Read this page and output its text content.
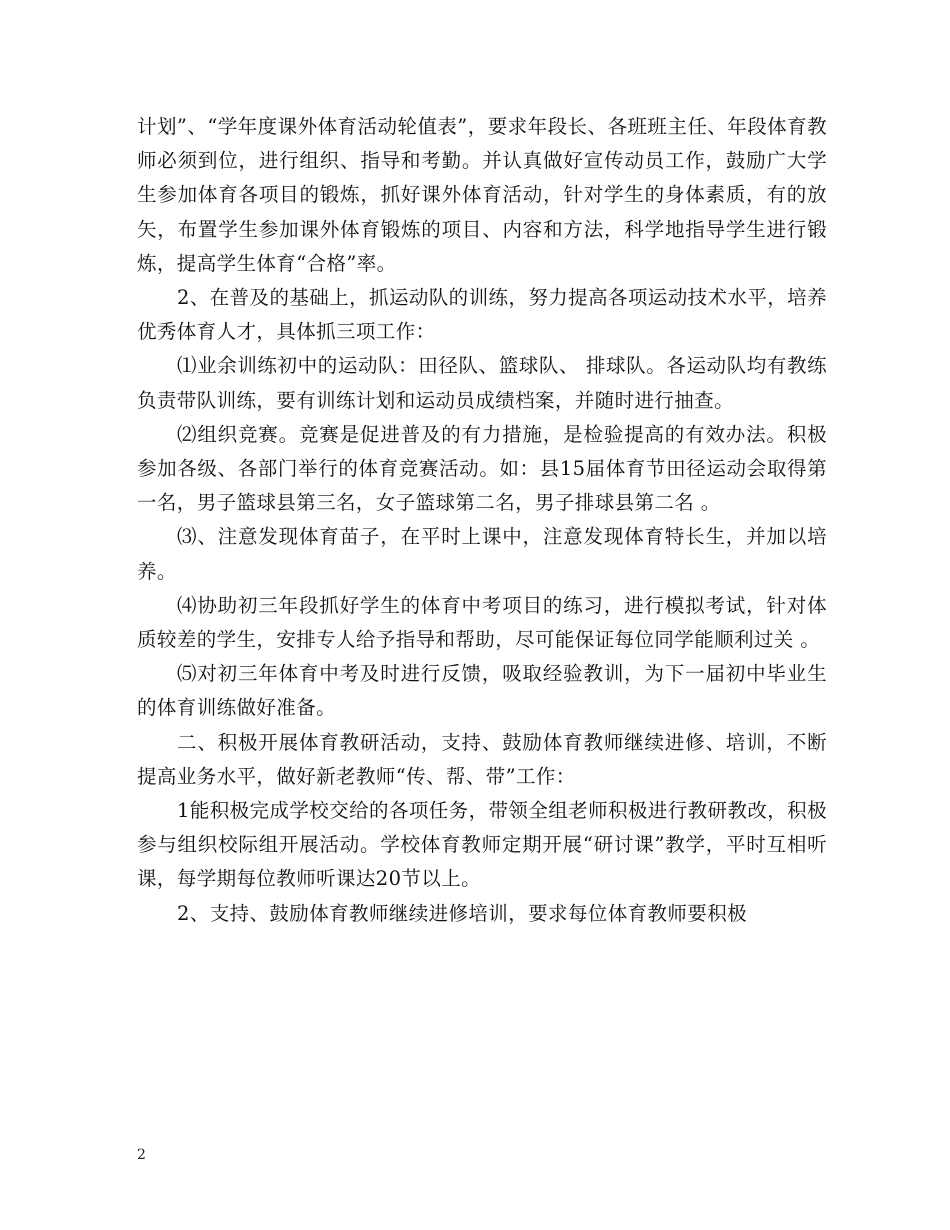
计划”、“学年度课外体育活动轮值表”，要求年段长、各班班主任、年段体育教师必须到位，进行组织、指导和考勤。并认真做好宣传动员工作，鼓励广大学生参加体育各项目的锻炼，抓好课外体育活动，针对学生的身体素质，有的放矢，布置学生参加课外体育锻炼的项目、内容和方法，科学地指导学生进行锻炼，提高学生体育“合格”率。

2、在普及的基础上，抓运动队的训练，努力提高各项运动技术水平，培养优秀体育人才，具体抓三项工作：

⑴业余训练初中的运动队：田径队、篮球队、 排球队。各运动队均有教练负责带队训练，要有训练计划和运动员成绩档案，并随时进行抽查。

⑵组织竞赛。竞赛是促进普及的有力措施，是检验提高的有效办法。积极参加各级、各部门举行的体育竞赛活动。如：县15届体育节田径运动会取得第一名，男子篮球县第三名，女子篮球第二名，男子排球县第二名 。

⑶、注意发现体育苗子，在平时上课中，注意发现体育特长生，并加以培养。

⑷协助初三年段抓好学生的体育中考项目的练习，进行模拟考试，针对体质较差的学生，安排专人给予指导和帮助，尽可能保证每位同学能顺利过关 。

⑸对初三年体育中考及时进行反馈，吸取经验教训，为下一届初中毕业生的体育训练做好准备。

二、积极开展体育教研活动，支持、鼓励体育教师继续进修、培训，不断提高业务水平，做好新老教师“传、帮、带”工作：

1能积极完成学校交给的各项任务，带领全组老师积极进行教研教改，积极参与组织校际组开展活动。学校体育教师定期开展“研讨课”教学，平时互相听课，每学期每位教师听课达20节以上。

2、支持、鼓励体育教师继续进修培训，要求每位体育教师要积极

2
